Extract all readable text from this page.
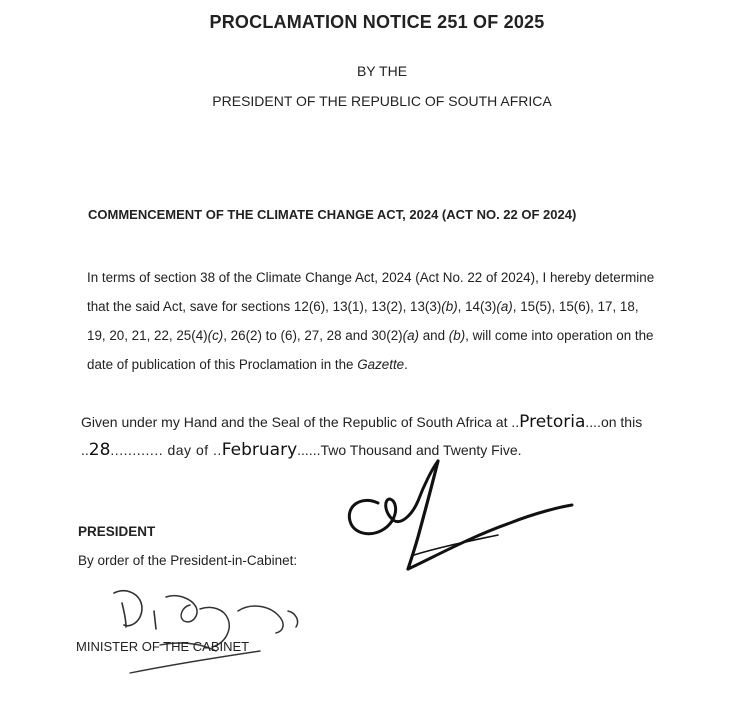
PROCLAMATION NOTICE 251 OF 2025
BY THE
PRESIDENT OF THE REPUBLIC OF SOUTH AFRICA
COMMENCEMENT OF THE CLIMATE CHANGE ACT, 2024 (ACT NO. 22 OF 2024)
In terms of section 38 of the Climate Change Act, 2024 (Act No. 22 of 2024), I hereby determine
that the said Act, save for sections 12(6), 13(1), 13(2), 13(3)(b), 14(3)(a), 15(5), 15(6), 17, 18,
19, 20, 21, 22, 25(4)(c), 26(2) to (6), 27, 28 and 30(2)(a) and (b), will come into operation on the
date of publication of this Proclamation in the Gazette.
Given under my Hand and the Seal of the Republic of South Africa at ..Pretoria....on this
..28............ day of ..February......Two Thousand and Twenty Five.
PRESIDENT
By order of the President-in-Cabinet:
MINISTER OF THE CABINET
